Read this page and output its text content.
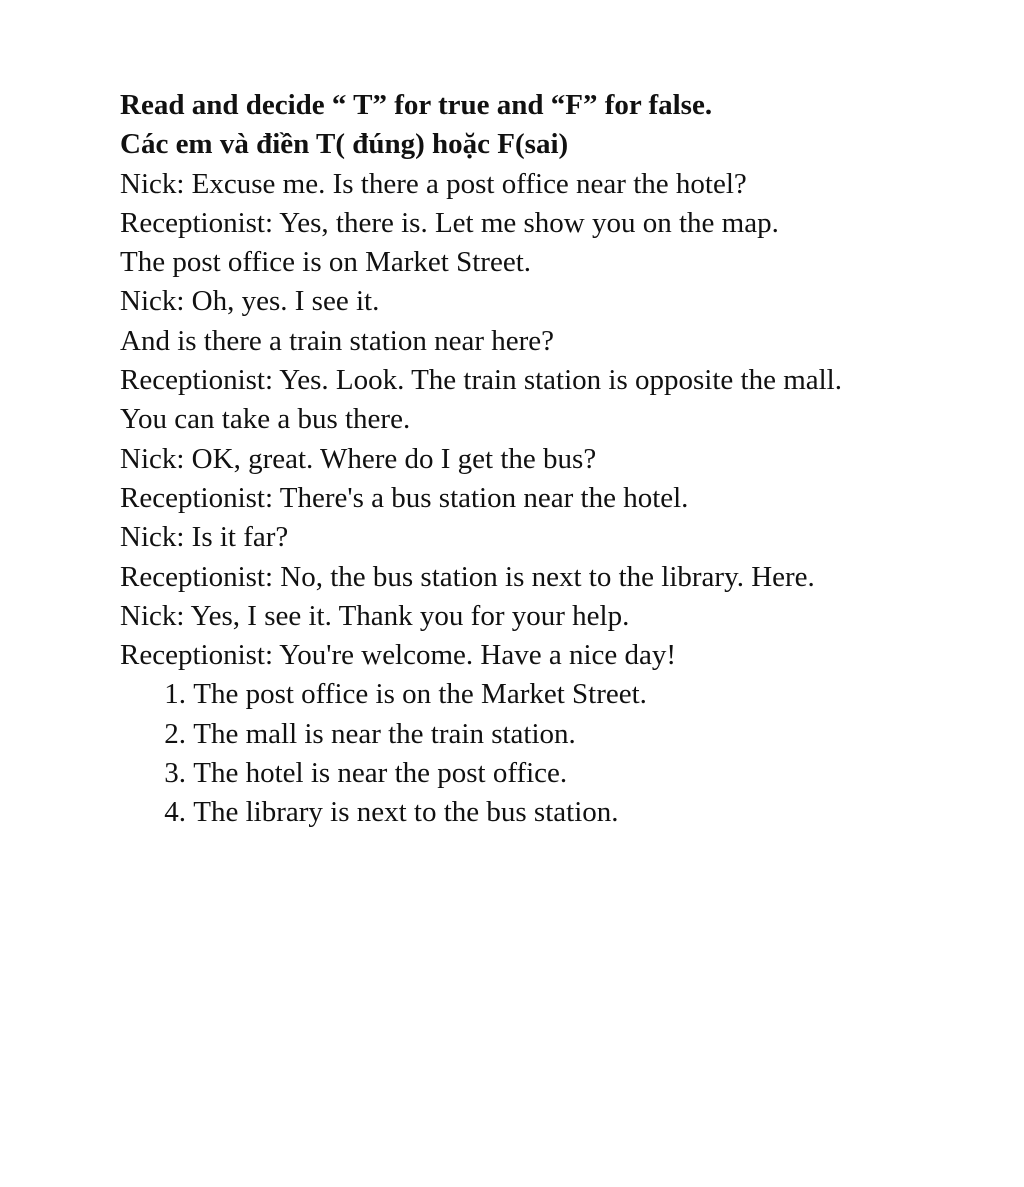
Read and decide “ T” for true and “F” for false.
Các em và điền T( đúng) hoặc F(sai)
Nick: Excuse me. Is there a post office near the hotel?
Receptionist: Yes, there is. Let me show you on the map.
The post office is on Market Street.
Nick: Oh, yes. I see it.
And is there a train station near here?
Receptionist: Yes. Look. The train station is opposite the mall.
You can take a bus there.
Nick: OK, great. Where do I get the bus?
Receptionist: There's a bus station near the hotel.
Nick: Is it far?
Receptionist: No, the bus station is next to the library. Here.
Nick: Yes, I see it. Thank you for your help.
Receptionist: You're welcome. Have a nice day!
1.
The post office is on the Market Street.
2.
The mall is near the train station.
3.
The hotel is near the post office.
4.
The library is next to the bus station.
